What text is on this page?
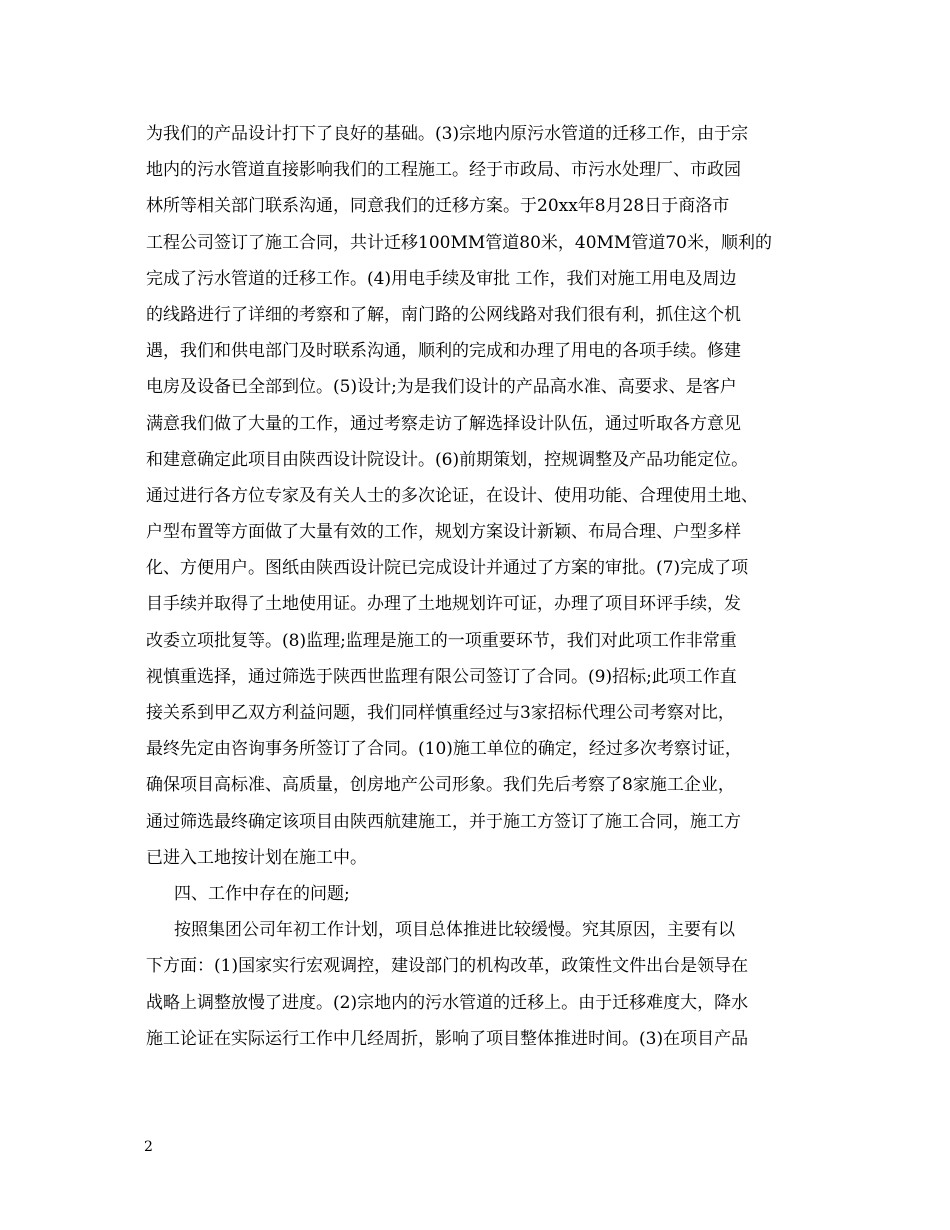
为我们的产品设计打下了良好的基础。(3)宗地内原污水管道的迁移工作，由于宗
地内的污水管道直接影响我们的工程施工。经于市政局、市污水处理厂、市政园
林所等相关部门联系沟通，同意我们的迁移方案。于20xx年8月28日于商洛市
工程公司签订了施工合同，共计迁移100MM管道80米，40MM管道70米，顺利的
完成了污水管道的迁移工作。(4)用电手续及审批 工作，我们对施工用电及周边
的线路进行了详细的考察和了解，南门路的公网线路对我们很有利，抓住这个机
遇，我们和供电部门及时联系沟通，顺利的完成和办理了用电的各项手续。修建
电房及设备已全部到位。(5)设计;为是我们设计的产品高水准、高要求、是客户
满意我们做了大量的工作，通过考察走访了解选择设计队伍，通过听取各方意见
和建意确定此项目由陕西设计院设计。(6)前期策划，控规调整及产品功能定位。
通过进行各方位专家及有关人士的多次论证，在设计、使用功能、合理使用土地、
户型布置等方面做了大量有效的工作，规划方案设计新颖、布局合理、户型多样
化、方便用户。图纸由陕西设计院已完成设计并通过了方案的审批。(7)完成了项
目手续并取得了土地使用证。办理了土地规划许可证，办理了项目环评手续，发
改委立项批复等。(8)监理;监理是施工的一项重要环节，我们对此项工作非常重
视慎重选择，通过筛选于陕西世监理有限公司签订了合同。(9)招标;此项工作直
接关系到甲乙双方利益问题，我们同样慎重经过与3家招标代理公司考察对比，
最终先定由咨询事务所签订了合同。(10)施工单位的确定，经过多次考察讨证，
确保项目高标准、高质量，创房地产公司形象。我们先后考察了8家施工企业，
通过筛选最终确定该项目由陕西航建施工，并于施工方签订了施工合同，施工方
已进入工地按计划在施工中。
四、工作中存在的问题;
按照集团公司年初工作计划，项目总体推进比较缓慢。究其原因，主要有以
下方面：(1)国家实行宏观调控，建设部门的机构改革，政策性文件出台是领导在
战略上调整放慢了进度。(2)宗地内的污水管道的迁移上。由于迁移难度大，降水
施工论证在实际运行工作中几经周折，影响了项目整体推进时间。(3)在项目产品
2
